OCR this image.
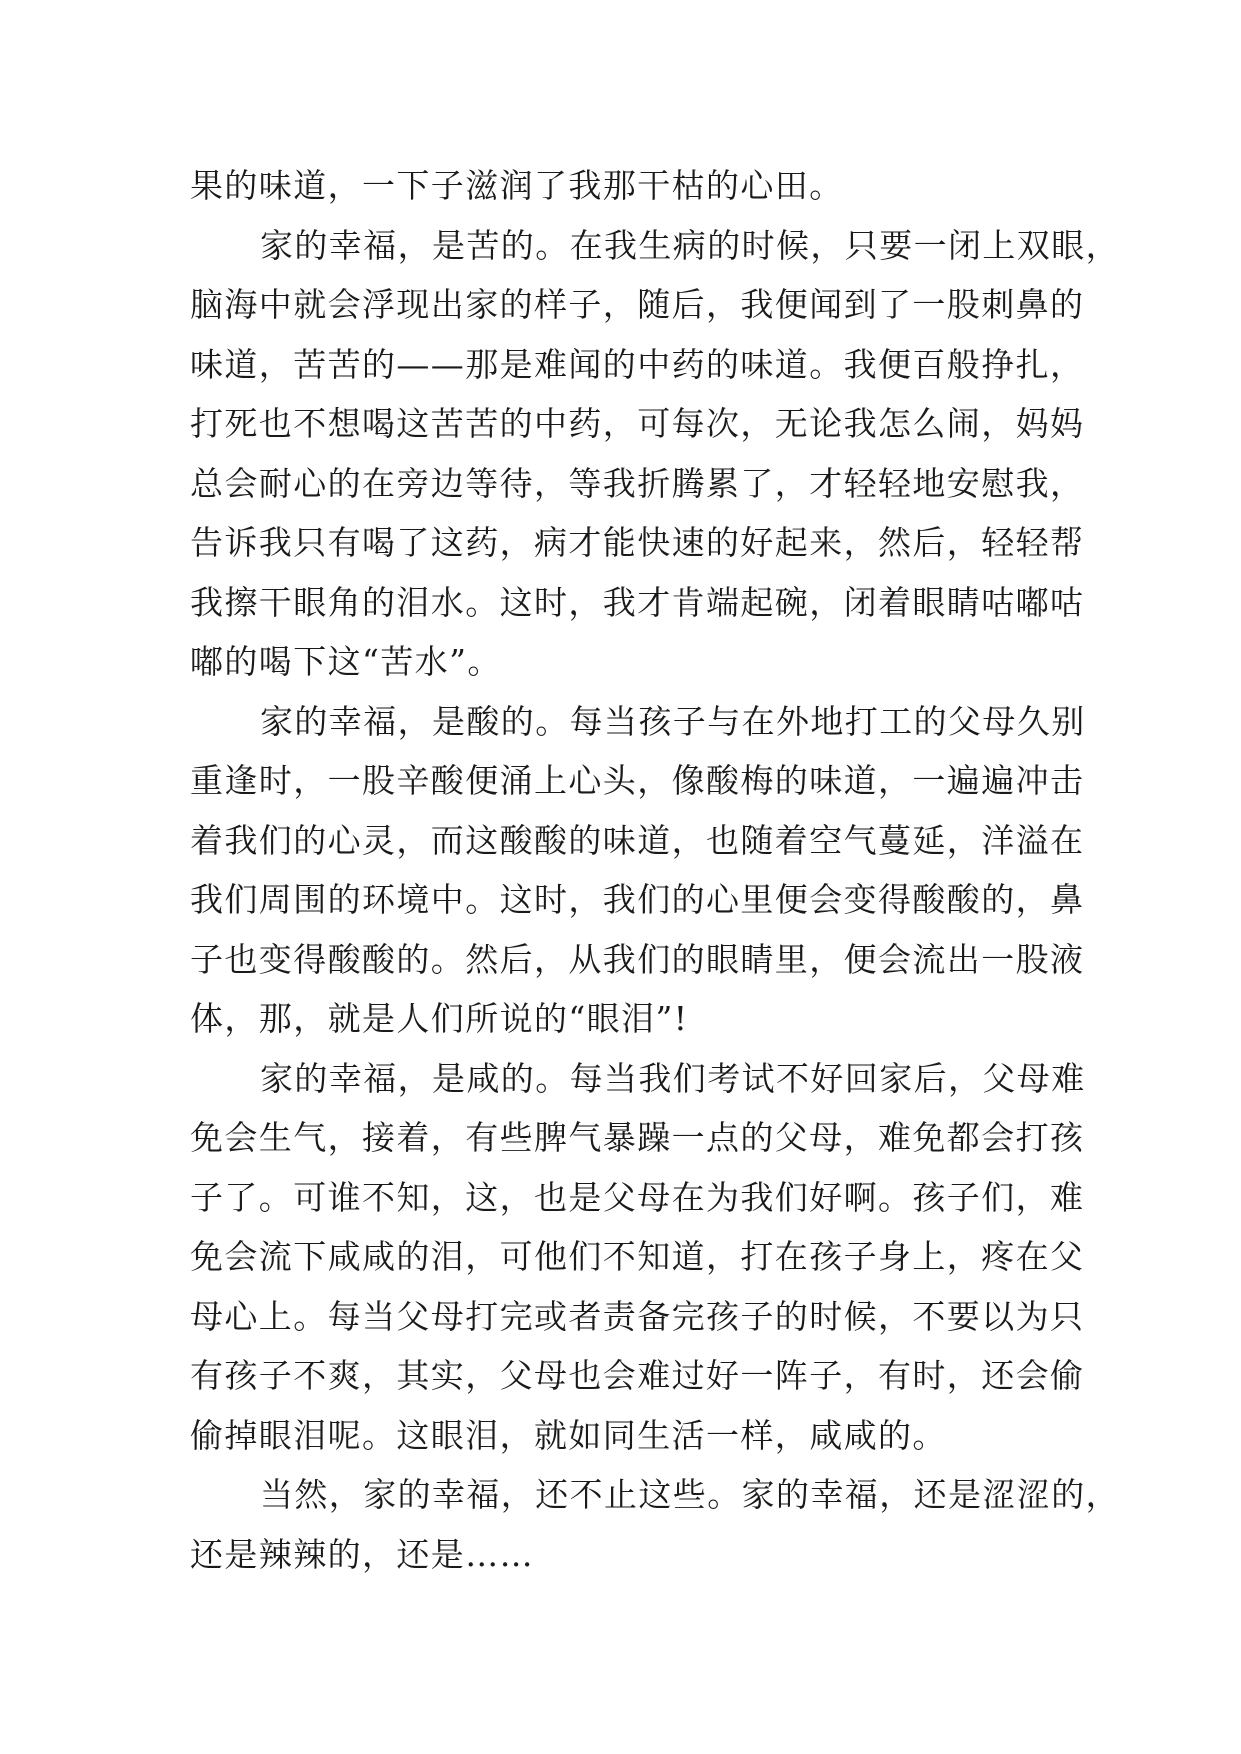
果的味道，一下子滋润了我那干枯的心田。

家的幸福，是苦的。在我生病的时候，只要一闭上双眼，

脑海中就会浮现出家的样子，随后，我便闻到了一股刺鼻的

味道，苦苦的——那是难闻的中药的味道。我便百般挣扎，

打死也不想喝这苦苦的中药，可每次，无论我怎么闹，妈妈

总会耐心的在旁边等待，等我折腾累了，才轻轻地安慰我，

告诉我只有喝了这药，病才能快速的好起来，然后，轻轻帮

我擦干眼角的泪水。这时，我才肯端起碗，闭着眼睛咕嘟咕

嘟的喝下这“苦水”。

家的幸福，是酸的。每当孩子与在外地打工的父母久别

重逢时，一股辛酸便涌上心头，像酸梅的味道，一遍遍冲击

着我们的心灵，而这酸酸的味道，也随着空气蔓延，洋溢在

我们周围的环境中。这时，我们的心里便会变得酸酸的，鼻

子也变得酸酸的。然后，从我们的眼睛里，便会流出一股液

体，那，就是人们所说的“眼泪”!

家的幸福，是咸的。每当我们考试不好回家后，父母难

免会生气，接着，有些脾气暴躁一点的父母，难免都会打孩

子了。可谁不知，这，也是父母在为我们好啊。孩子们，难

免会流下咸咸的泪，可他们不知道，打在孩子身上，疼在父

母心上。每当父母打完或者责备完孩子的时候，不要以为只

有孩子不爽，其实，父母也会难过好一阵子，有时，还会偷

偷掉眼泪呢。这眼泪，就如同生活一样，咸咸的。

当然，家的幸福，还不止这些。家的幸福，还是涩涩的，

还是辣辣的，还是……
